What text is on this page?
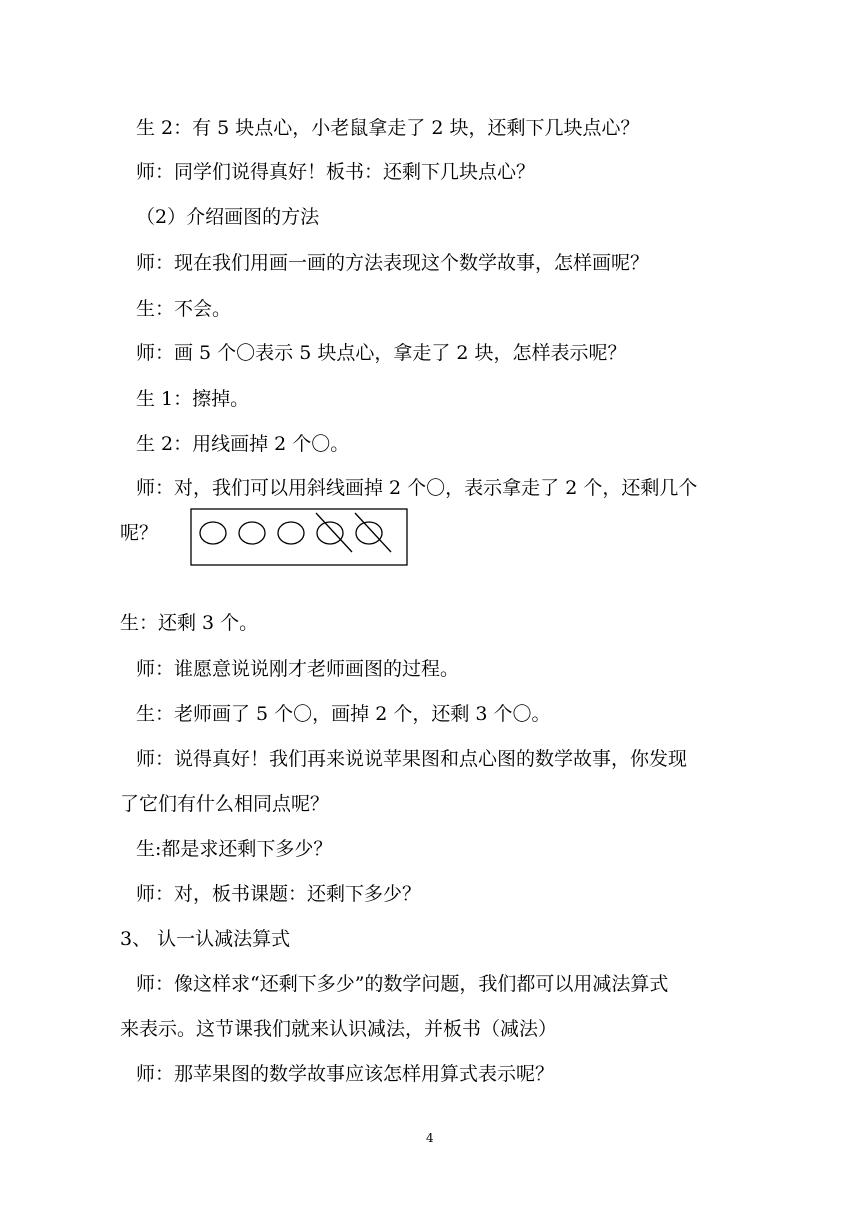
生 2：有 5 块点心，小老鼠拿走了 2 块，还剩下几块点心？
师：同学们说得真好！板书：还剩下几块点心？
（2）介绍画图的方法
师：现在我们用画一画的方法表现这个数学故事，怎样画呢？
生：不会。
师：画 5 个〇表示 5 块点心，拿走了 2 块，怎样表示呢？
生 1：擦掉。
生 2：用线画掉 2 个〇。
师：对，我们可以用斜线画掉 2 个〇，表示拿走了 2 个，还剩几个
呢？
生：还剩 3 个。
师：谁愿意说说刚才老师画图的过程。
生：老师画了 5 个〇，画掉 2 个，还剩 3 个〇。
师：说得真好！我们再来说说苹果图和点心图的数学故事，你发现
了它们有什么相同点呢？
生:都是求还剩下多少？
师：对，板书课题：还剩下多少？
3、 认一认减法算式
师：像这样求“还剩下多少”的数学问题，我们都可以用减法算式
来表示。这节课我们就来认识减法，并板书（减法）
师：那苹果图的数学故事应该怎样用算式表示呢？
4
